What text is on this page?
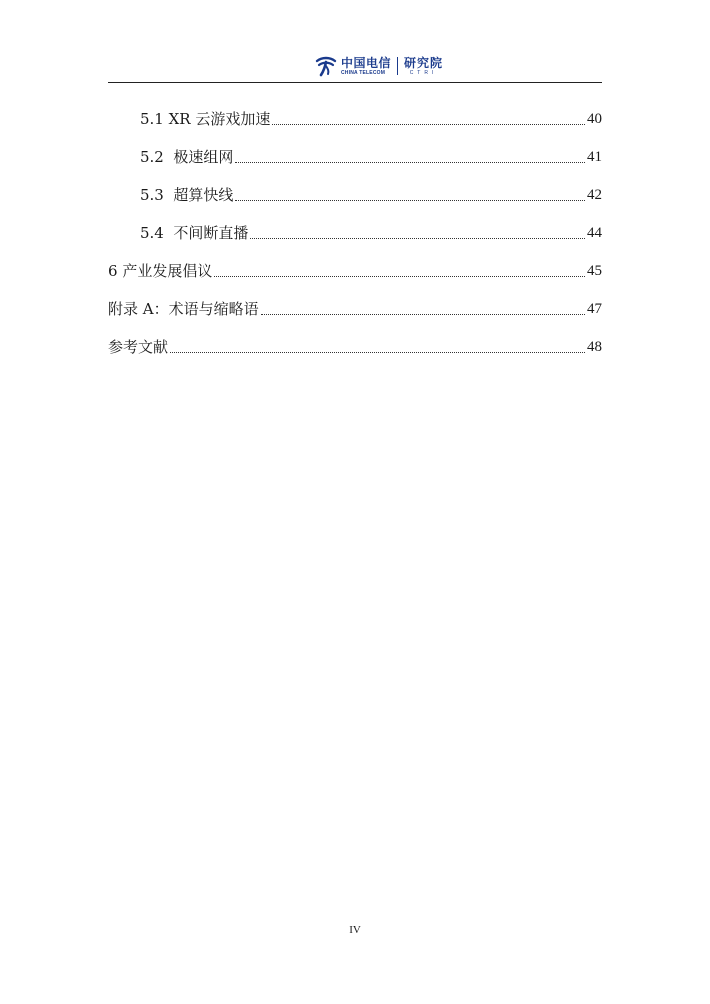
中国电信
CHINA TELECOM
研究院
CTRI
5.1 XR 云游戏加速	40
5.2 极速组网	41
5.3 超算快线	42
5.4 不间断直播	44
6 产业发展倡议	45
附录 A：术语与缩略语	47
参考文献	48
IV
